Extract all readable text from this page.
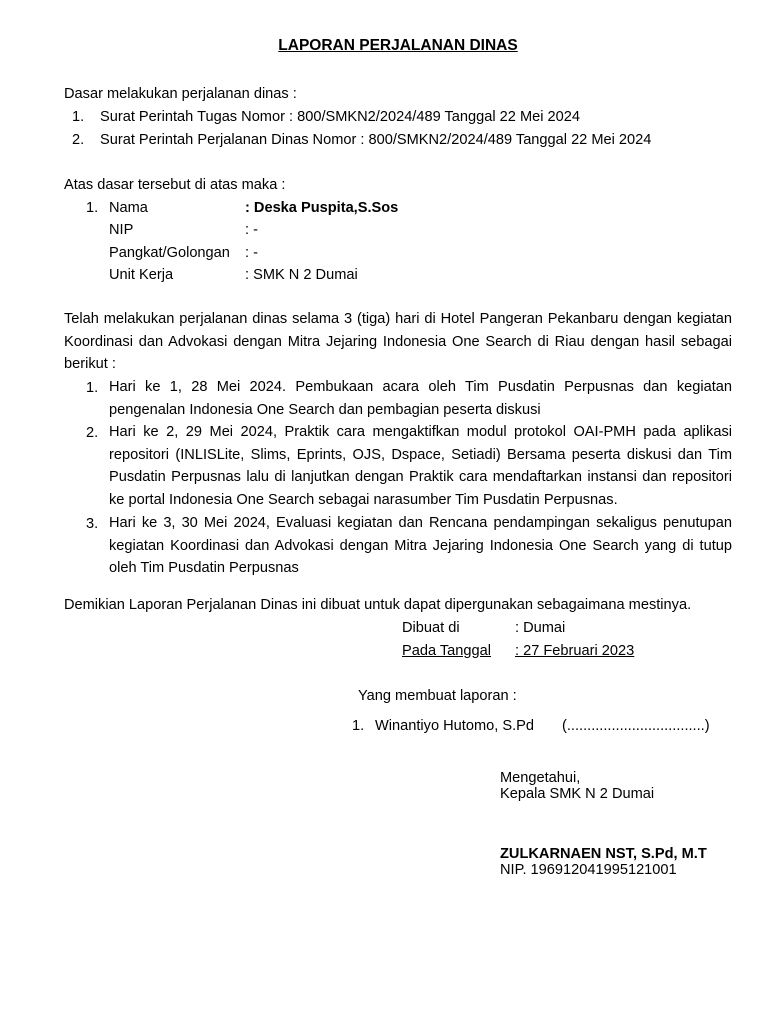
LAPORAN PERJALANAN DINAS
Dasar melakukan perjalanan dinas :
1. Surat Perintah Tugas Nomor : 800/SMKN2/2024/489 Tanggal 22 Mei 2024
2. Surat Perintah Perjalanan Dinas Nomor : 800/SMKN2/2024/489 Tanggal 22 Mei 2024
Atas dasar tersebut di atas maka :
1. Nama	: Deska Puspita,S.Sos
NIP	: -
Pangkat/Golongan : -
Unit Kerja	: SMK N 2 Dumai
Telah melakukan perjalanan dinas selama 3 (tiga) hari di Hotel Pangeran Pekanbaru dengan kegiatan Koordinasi dan Advokasi dengan Mitra Jejaring Indonesia One Search di Riau dengan hasil sebagai berikut :
1. Hari ke 1, 28 Mei 2024. Pembukaan acara oleh Tim Pusdatin Perpusnas dan kegiatan pengenalan Indonesia One Search dan pembagian peserta diskusi
2. Hari ke 2, 29 Mei 2024, Praktik cara mengaktifkan modul protokol OAI-PMH pada aplikasi repositori (INLISLite, Slims, Eprints, OJS, Dspace, Setiadi) Bersama peserta diskusi dan Tim Pusdatin Perpusnas lalu di lanjutkan dengan Praktik cara mendaftarkan instansi dan repositori ke portal Indonesia One Search sebagai narasumber Tim Pusdatin Perpusnas.
3. Hari ke 3, 30 Mei 2024, Evaluasi kegiatan dan Rencana pendampingan sekaligus penutupan kegiatan Koordinasi dan Advokasi dengan Mitra Jejaring Indonesia One Search yang di tutup oleh Tim Pusdatin Perpusnas
Demikian Laporan Perjalanan Dinas ini dibuat untuk dapat dipergunakan sebagaimana mestinya.
Dibuat di	: Dumai
Pada Tanggal	: 27 Februari 2023
Yang membuat laporan :
1. Winantiyo Hutomo, S.Pd (..................................)
Mengetahui,
Kepala SMK N 2 Dumai
ZULKARNAEN NST, S.Pd, M.T
NIP. 196912041995121001
